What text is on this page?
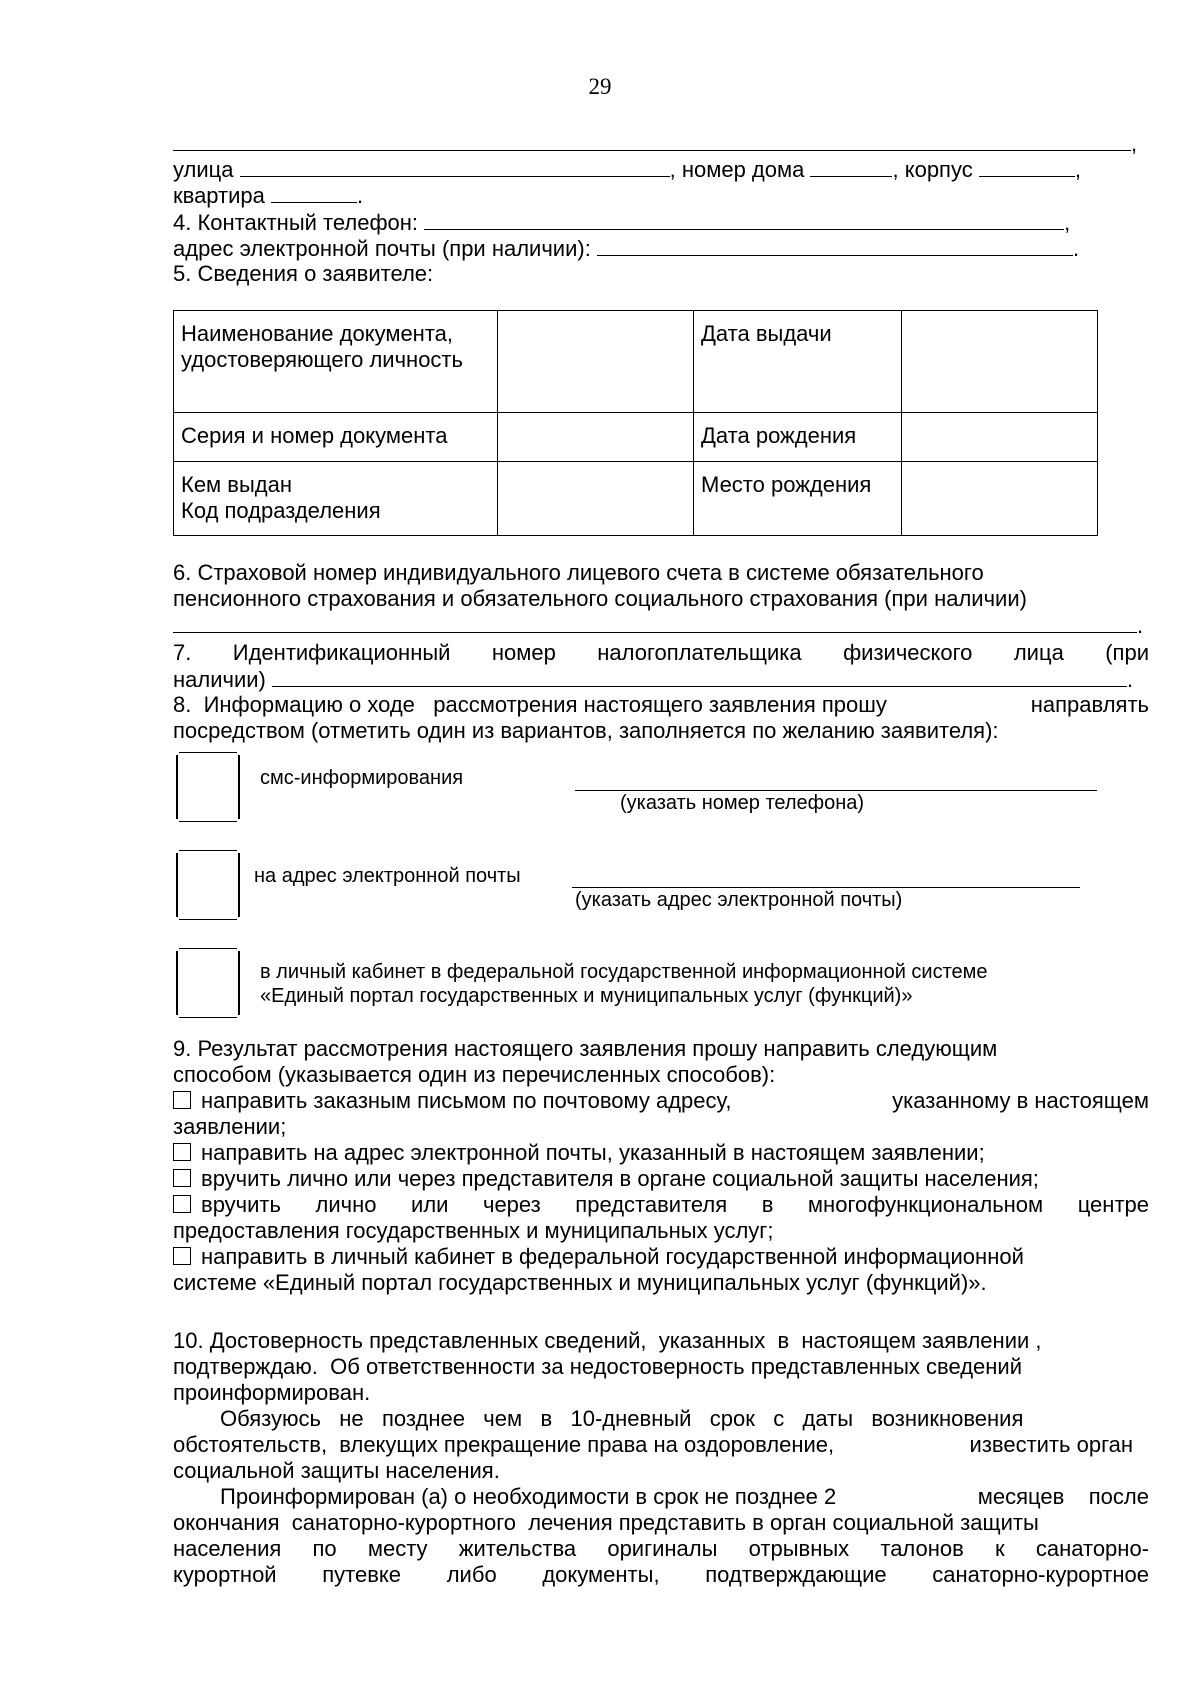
29
,
улица	, номер дома	, корпус	,
квартира	.
4. Контактный телефон:	,
адрес электронной почты (при наличии):	.
5. Сведения о заявителе:
Наименование документа, удостоверяющего личность		Дата выдачи	
Серия и номер документа		Дата рождения	

Кем выдан
Код подразделения		Место рождения	
6. Страховой номер индивидуального лицевого счета в системе обязательного
пенсионного страхования и обязательного социального страхования (при наличии)
.
7. Идентификационный номер налогоплательщика физического лица (при
наличии)	.
8.  Информацию о ходе   рассмотрения настоящего заявления прошу	направлять
посредством (отметить один из вариантов, заполняется по желанию заявителя):
смс-информирования
(указать номер телефона)
на адрес электронной почты
(указать адрес электронной почты)
в личный кабинет в федеральной государственной информационной системе
«Единый портал государственных и муниципальных услуг (функций)»
9. Результат рассмотрения настоящего заявления прошу направить следующим
способом (указывается один из перечисленных способов):
направить заказным письмом по почтовому адресу,	указанному в настоящем
заявлении;
направить на адрес электронной почты, указанный в настоящем заявлении;
вручить лично или через представителя в органе социальной защиты населения;
вручить лично или через представителя в многофункциональном центре
предоставления государственных и муниципальных услуг;
направить в личный кабинет в федеральной государственной информационной
системе «Единый портал государственных и муниципальных услуг (функций)».
10. Достоверность представленных сведений,  указанных  в  настоящем заявлении ,
подтверждаю.  Об ответственности за недостоверность представленных сведений
проинформирован.
Обязуюсь   не   позднее   чем   в   10-дневный   срок   с   даты   возникновения
обстоятельств,  влекущих прекращение права на оздоровление,	известить орган
социальной защиты населения.
Проинформирован (а) о необходимости в срок не позднее 2	месяцев    после
окончания  санаторно-курортного  лечения представить в орган социальной защиты
населения по месту жительства оригиналы отрывных талонов к санаторно-
курортной путевке либо документы, подтверждающие санаторно-курортное
